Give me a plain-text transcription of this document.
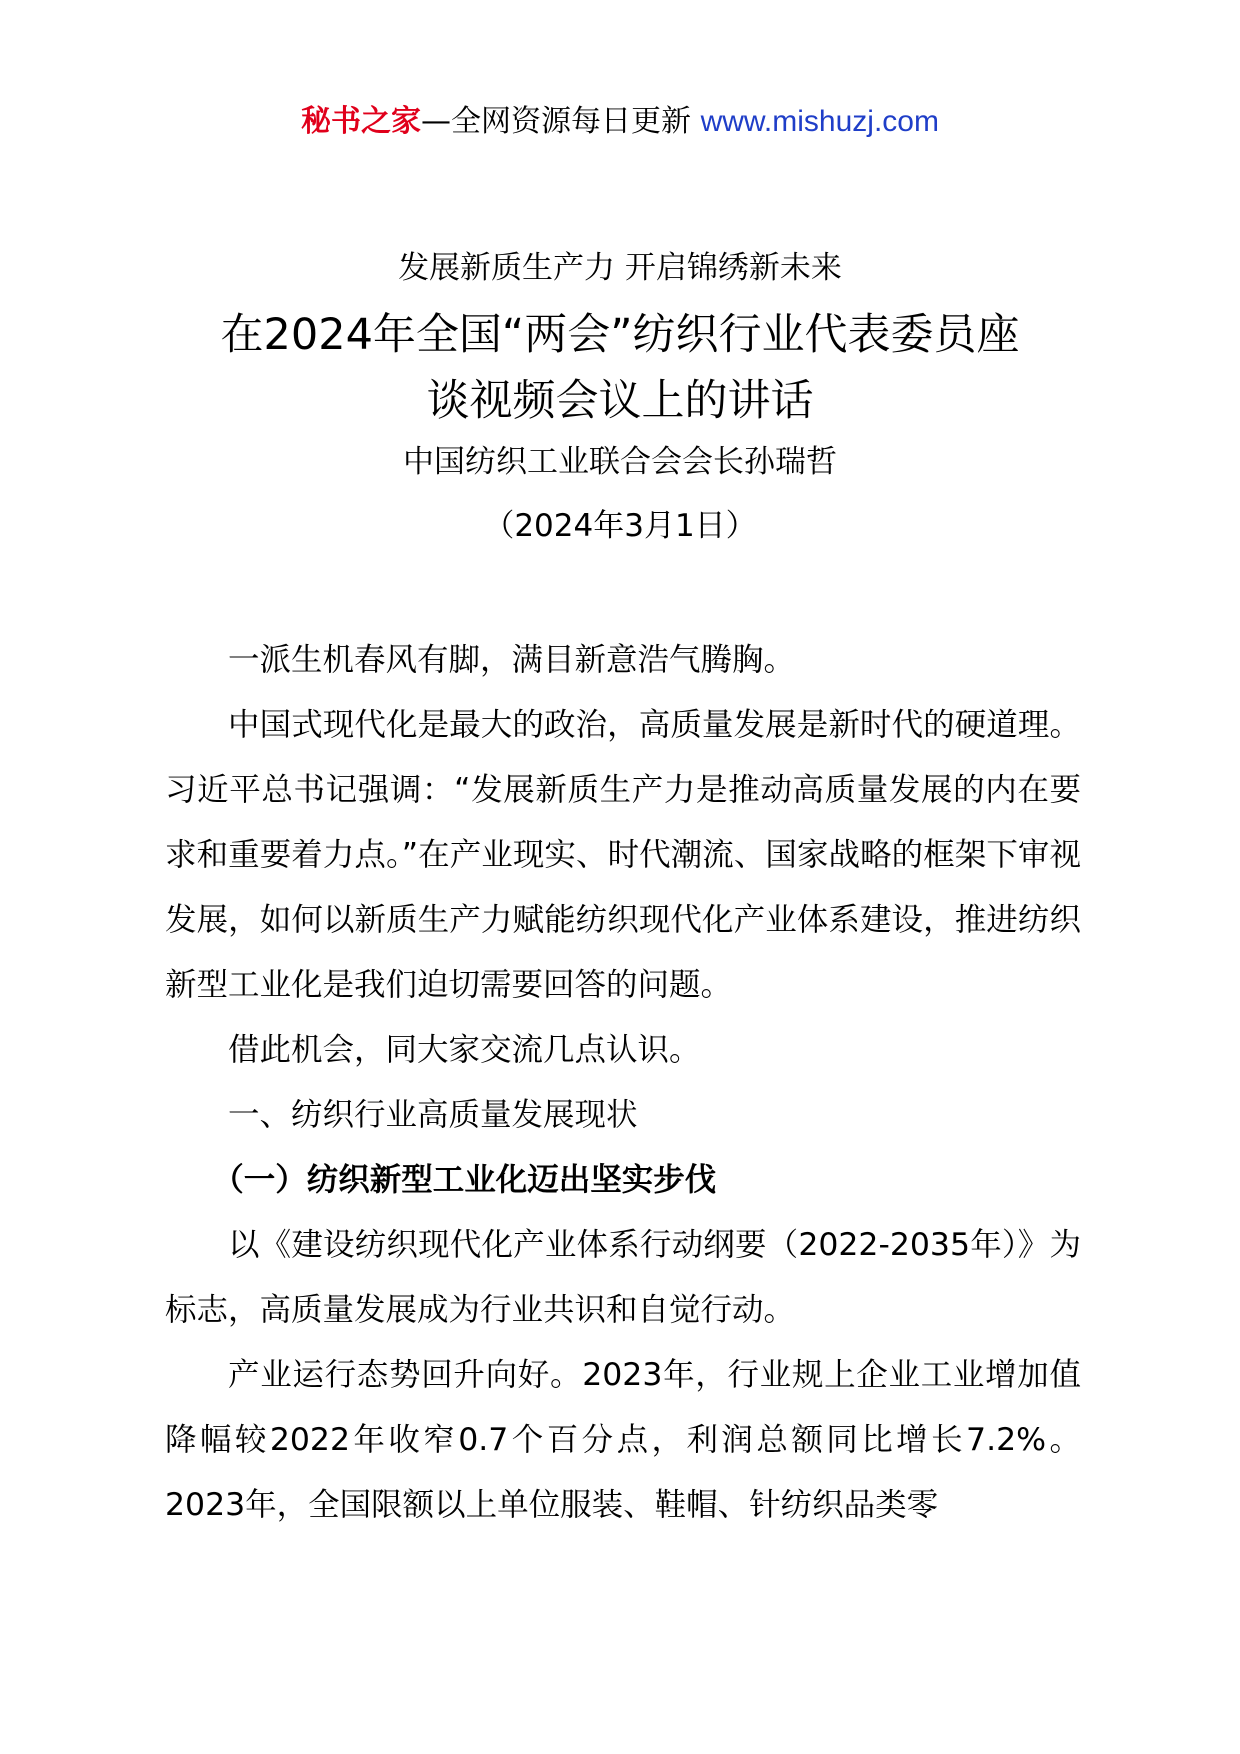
秘书之家—全网资源每日更新 www.mishuzj.com
发展新质生产力 开启锦绣新未来
在2024年全国“两会”纺织行业代表委员座
谈视频会议上的讲话
中国纺织工业联合会会长孙瑞哲
（2024年3月1日）

一派生机春风有脚，满目新意浩气腾胸。

中国式现代化是最大的政治，高质量发展是新时代的硬道理。习近平总书记强调：“发展新质生产力是推动高质量发展的内在要求和重要着力点。”在产业现实、时代潮流、国家战略的框架下审视发展，如何以新质生产力赋能纺织现代化产业体系建设，推进纺织新型工业化是我们迫切需要回答的问题。

借此机会，同大家交流几点认识。

一、纺织行业高质量发展现状

（一）纺织新型工业化迈出坚实步伐

以《建设纺织现代化产业体系行动纲要（2022-2035年）》为标志，高质量发展成为行业共识和自觉行动。

产业运行态势回升向好。2023年，行业规上企业工业增加值降幅较2022年收窄0.7个百分点，利润总额同比增长7.2%。2023年，全国限额以上单位服装、鞋帽、针纺织品类零
